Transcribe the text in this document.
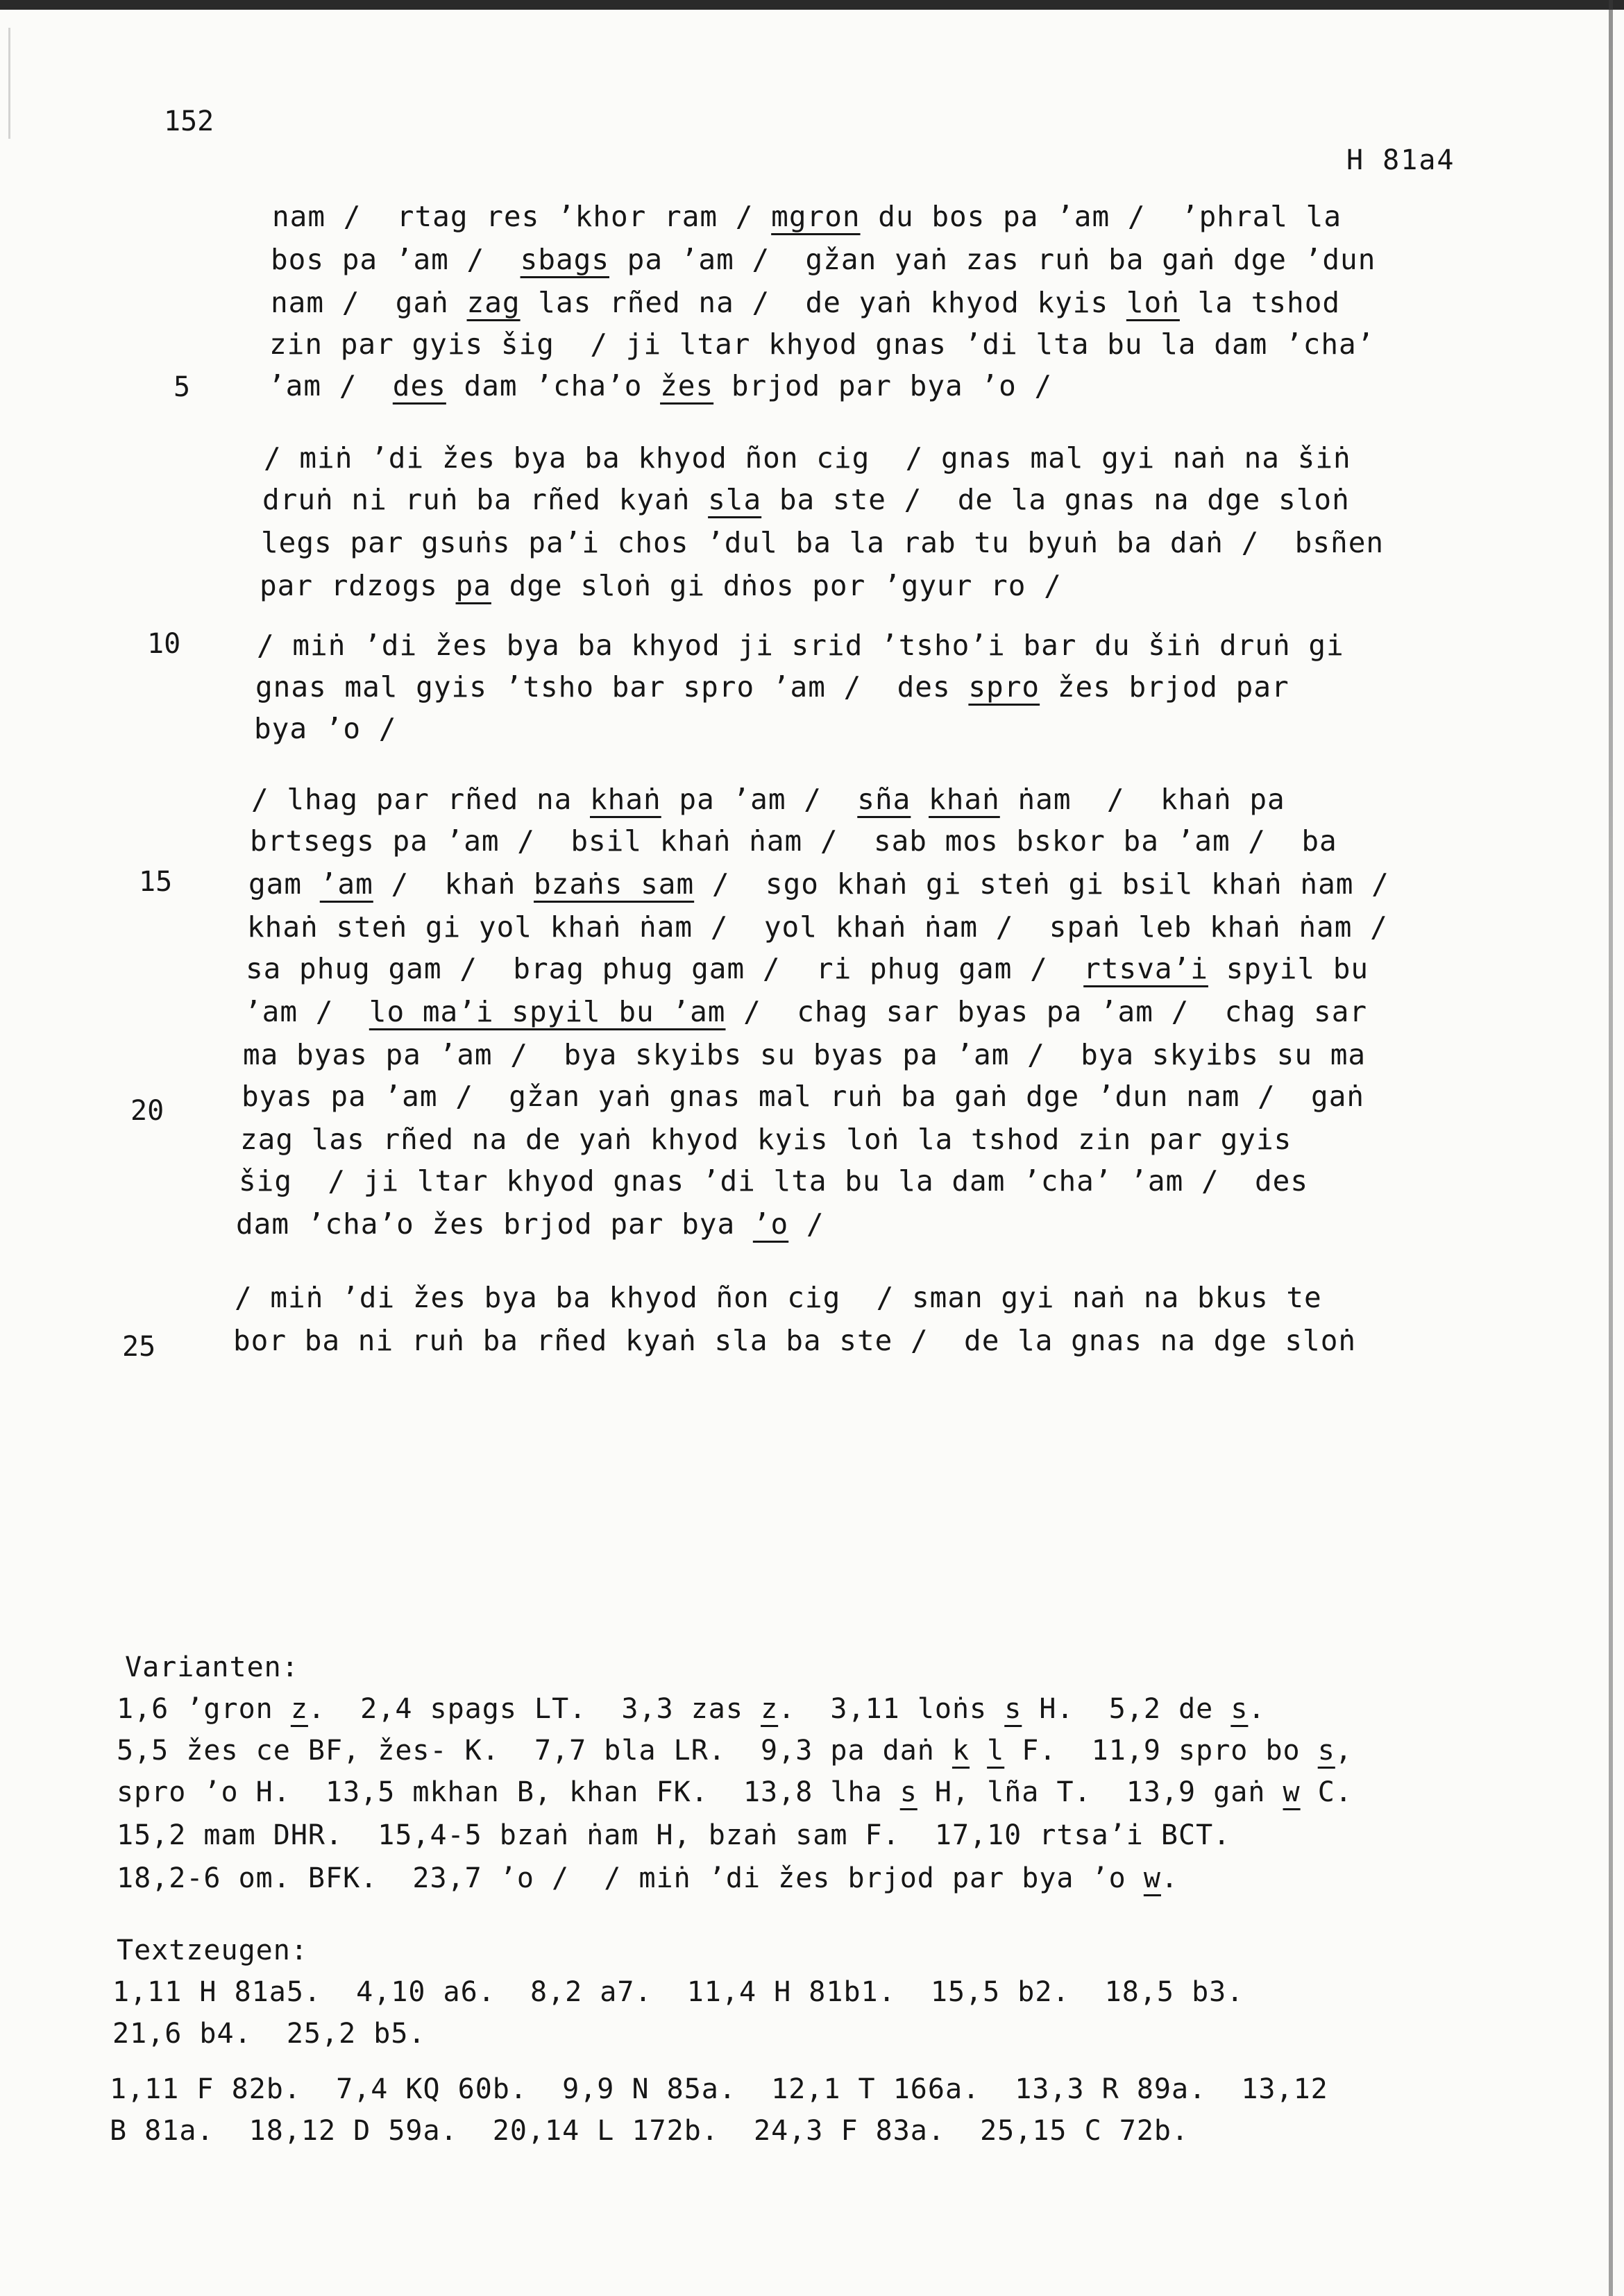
152
H 81a4
5
10
15
20
25
nam /  rtag res ’khor ram / mgron du bos pa ’am /  ’phral la
bos pa ’am /  sbags pa ’am /  gžan yaṅ zas ruṅ ba gaṅ dge ’dun
nam /  gaṅ zag las rñed na /  de yaṅ khyod kyis loṅ la tshod
zin par gyis šig  / ji ltar khyod gnas ’di lta bu la dam ’cha’
’am /  des dam ’cha’o žes brjod par bya ’o /
/ miṅ ’di žes bya ba khyod ñon cig  / gnas mal gyi naṅ na šiṅ
druṅ ni ruṅ ba rñed kyaṅ sla ba ste /  de la gnas na dge sloṅ
legs par gsuṅs pa’i chos ’dul ba la rab tu byuṅ ba daṅ /  bsñen
par rdzogs pa dge sloṅ gi dṅos por ’gyur ro /
/ miṅ ’di žes bya ba khyod ji srid ’tsho’i bar du šiṅ druṅ gi
gnas mal gyis ’tsho bar spro ’am /  des spro žes brjod par
bya ’o /
/ lhag par rñed na khaṅ pa ’am /  sña khaṅ ṅam  /  khaṅ pa
brtsegs pa ’am /  bsil khaṅ ṅam /  sab mos bskor ba ’am /  ba
gam ’am /  khaṅ bzaṅs sam /  sgo khaṅ gi steṅ gi bsil khaṅ ṅam /
khaṅ steṅ gi yol khaṅ ṅam /  yol khaṅ ṅam /  spaṅ leb khaṅ ṅam /
sa phug gam /  brag phug gam /  ri phug gam /  rtsva’i spyil bu
’am /  lo ma’i spyil bu ’am /  chag sar byas pa ’am /  chag sar
ma byas pa ’am /  bya skyibs su byas pa ’am /  bya skyibs su ma
byas pa ’am /  gžan yaṅ gnas mal ruṅ ba gaṅ dge ’dun nam /  gaṅ
zag las rñed na de yaṅ khyod kyis loṅ la tshod zin par gyis
šig  / ji ltar khyod gnas ’di lta bu la dam ’cha’ ’am /  des
dam ’cha’o žes brjod par bya ’o /
/ miṅ ’di žes bya ba khyod ñon cig  / sman gyi naṅ na bkus te
bor ba ni ruṅ ba rñed kyaṅ sla ba ste /  de la gnas na dge sloṅ
Varianten:
1,6 ’gron z.  2,4 spags LT.  3,3 zas z.  3,11 loṅs s H.  5,2 de s.
5,5 žes ce BF, žes- K.  7,7 bla LR.  9,3 pa daṅ k l F.  11,9 spro bo s,
spro ’o H.  13,5 mkhan B, khan FK.  13,8 lha s H, lña T.  13,9 gaṅ w C.
15,2 mam DHR.  15,4-5 bzaṅ ṅam H, bzaṅ sam F.  17,10 rtsa’i BCT.
18,2-6 om. BFK.  23,7 ’o /  / miṅ ’di žes brjod par bya ’o w.
Textzeugen:
1,11 H 81a5.  4,10 a6.  8,2 a7.  11,4 H 81b1.  15,5 b2.  18,5 b3.
21,6 b4.  25,2 b5.
1,11 F 82b.  7,4 KQ 60b.  9,9 N 85a.  12,1 T 166a.  13,3 R 89a.  13,12
B 81a.  18,12 D 59a.  20,14 L 172b.  24,3 F 83a.  25,15 C 72b.
